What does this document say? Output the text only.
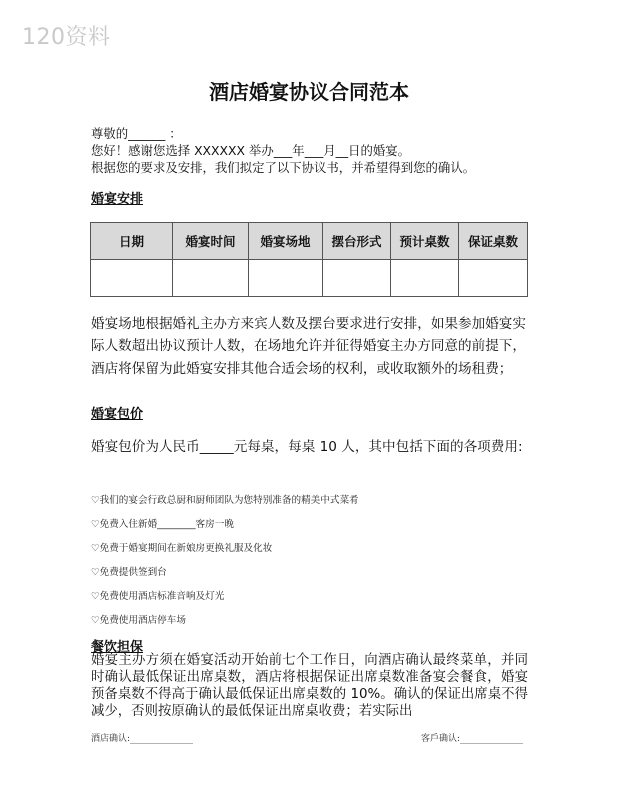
120资料
酒店婚宴协议合同范本
尊敬的______ ：
您好！感谢您选择 XXXXXX 举办___年___月__日的婚宴。
根据您的要求及安排，我们拟定了以下协议书，并希望得到您的确认。
婚宴安排
日期	婚宴时间	婚宴场地	摆台形式	预计桌数	保证桌数

婚宴场地根据婚礼主办方来宾人数及摆台要求进行安排，如果参加婚宴实际人数超出协议预计人数，在场地允许并征得婚宴主办方同意的前提下，酒店将保留为此婚宴安排其他合适会场的权利，或收取额外的场租费；
婚宴包价
婚宴包价为人民币_____元每桌，每桌 10 人，其中包括下面的各项费用:
♡我们的宴会行政总厨和厨师团队为您特别准备的精美中式菜肴
♡免费入住新婚________客房一晚
♡免费于婚宴期间在新娘房更换礼服及化妆
♡免费提供签到台
♡免费使用酒店标准音响及灯光
♡免费使用酒店停车场
餐饮担保
婚宴主办方须在婚宴活动开始前七个工作日，向酒店确认最终菜单，并同时确认最低保证出席桌数，酒店将根据保证出席桌数准备宴会餐食，婚宴预备桌数不得高于确认最低保证出席桌数的 10%。确认的保证出席桌不得减少，否则按原确认的最低保证出席桌收费；若实际出
酒店确认:______________	客戶确认:______________
